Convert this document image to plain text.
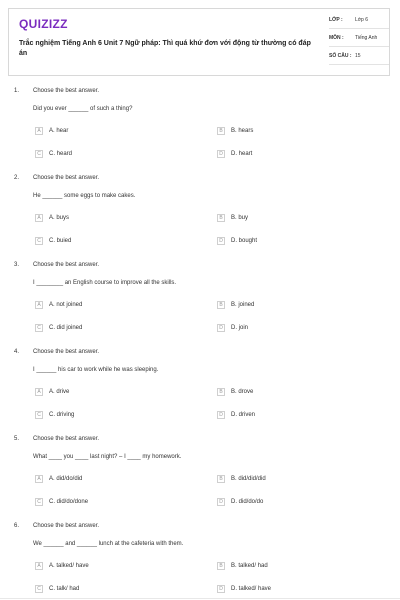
QUIZIZZ
Trắc nghiệm Tiếng Anh 6 Unit 7 Ngữ pháp: Thì quá khứ đơn với động từ thường có đáp án
LỚP :	Lớp 6
MÔN :	Tiếng Anh
SỐ CÂU : 15
1. Choose the best answer.
Did you ever ______ of such a thing?
A	A. hear	B	B. hears
C	C. heard	D	D. heart
2. Choose the best answer.
He ______ some eggs to make cakes.
A	A. buys	B	B. buy
C	C. buied	D	D. bought
3. Choose the best answer.
I ________ an English course to improve all the skills.
A	A. not joined	B	B. joined
C	C. did joined	D	D. join
4. Choose the best answer.
I ______ his car to work while he was sleeping.
A	A. drive	B	B. drove
C	C. driving	D	D. driven
5. Choose the best answer.
What ____ you ____ last night? – I ____ my homework.
A	A. did/do/did	B	B. did/did/did
C	C. did/do/done	D	D. did/do/do
6. Choose the best answer.
We ______ and ______ lunch at the cafeteria with them.
A	A. talked/ have	B	B. talked/ had
C	C. talk/ had	D	D. talked/ have
